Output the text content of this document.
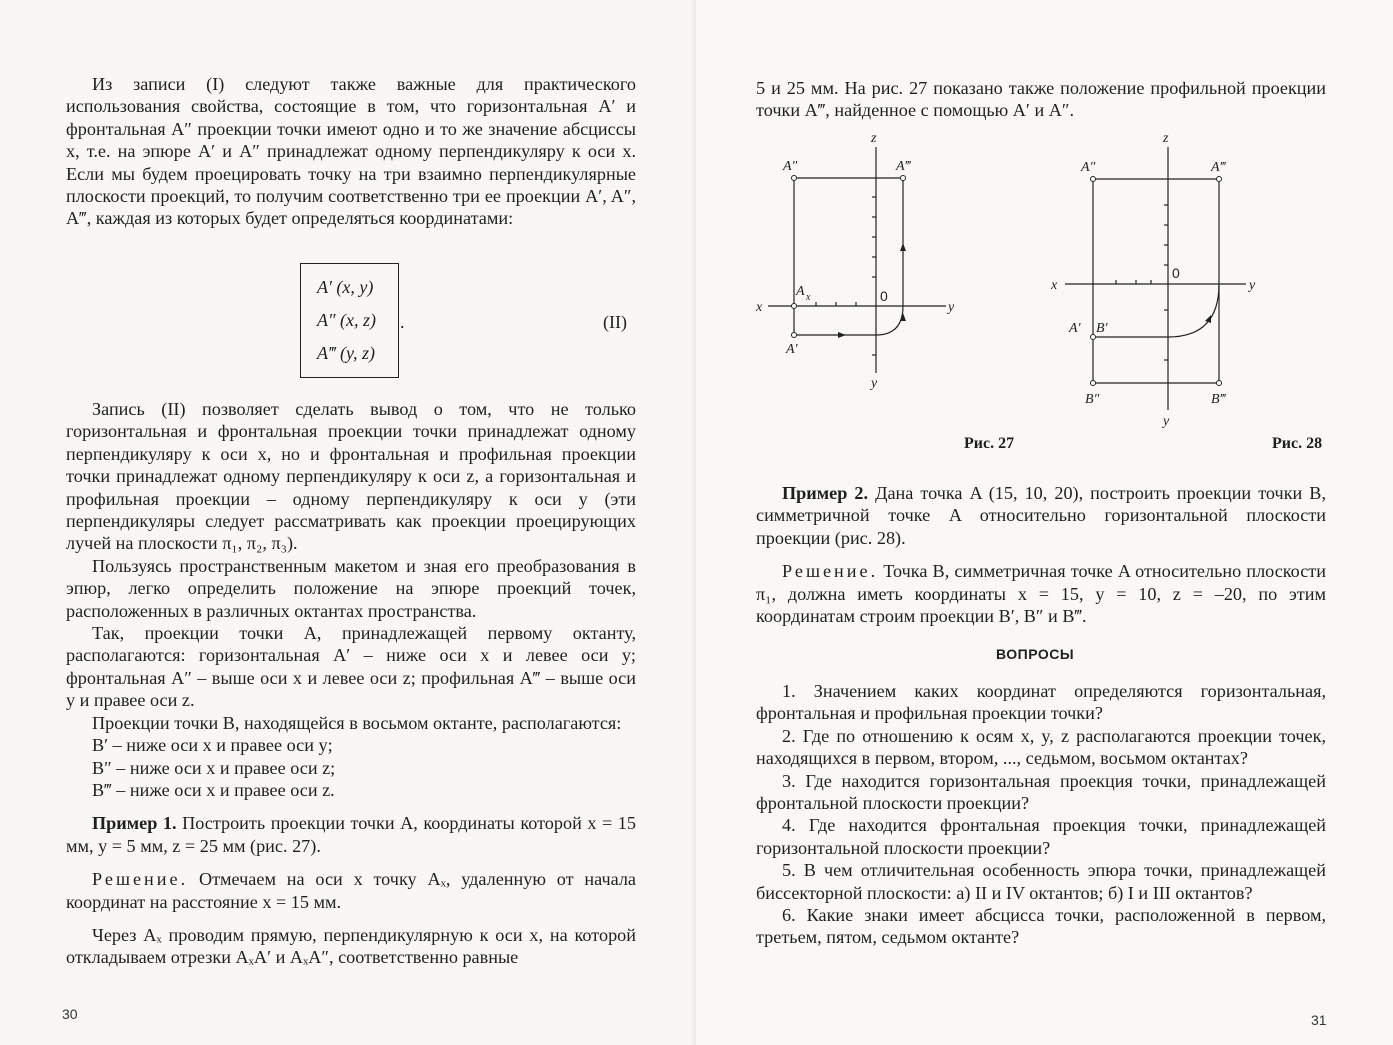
Из записи (I) следуют также важные для практического использования свойства, состоящие в том, что горизонтальная A′ и фронтальная A″ проекции точки имеют одно и то же значение абсциссы x, т.е. на эпюре A′ и A″ принадлежат одному перпендикуляру к оси x. Если мы будем проецировать точку на три взаимно перпендикулярные плоскости проекций, то получим соответственно три ее проекции A′, A″, A‴, каждая из которых будет определяться координатами:

A′ (x, y)
A″ (x, z)
A‴ (y, z)
.	(II)

Запись (II) позволяет сделать вывод о том, что не только горизонтальная и фронтальная проекции точки принадлежат одному перпендикуляру к оси x, но и фронтальная и профильная проекции точки принадлежат одному перпендикуляру к оси z, а горизонтальная и профильная проекции – одному перпендикуляру к оси y (эти перпендикуляры следует рассматривать как проекции проецирующих лучей на плоскости π₁, π₂, π₃).

Пользуясь пространственным макетом и зная его преобразования в эпюр, легко определить положение на эпюре проекций точек, расположенных в различных октантах пространства.

Так, проекции точки A, принадлежащей первому октанту, располагаются: горизонтальная A′ – ниже оси x и левее оси y; фронтальная A″ – выше оси x и левее оси z; профильная A‴ – выше оси y и правее оси z.

Проекции точки B, находящейся в восьмом октанте, располагаются:

B′ – ниже оси x и правее оси y;

B″ – ниже оси x и правее оси z;

B‴ – ниже оси x и правее оси z.

Пример 1. Построить проекции точки A, координаты которой x = 15 мм, y = 5 мм, z = 25 мм (рис. 27).

Решение. Отмечаем на оси x точку Aₓ, удаленную от начала координат на расстояние x = 15 мм.

Через Aₓ проводим прямую, перпендикулярную к оси x, на которой откладываем отрезки AₓA′ и AₓA″, соответственно равные

30

5 и 25 мм. На рис. 27 показано также положение профильной проекции точки A‴, найденное с помощью A′ и A″.

z
A″	A‴
A x	0
x	y
A′
y
z
A″	A‴
0
x	y
A′ B′
B″	B‴
y
Рис. 27	Рис. 28

Пример 2. Дана точка A (15, 10, 20), построить проекции точки B, симметричной точке A относительно горизонтальной плоскости проекции (рис. 28).

Решение. Точка B, симметричная точке A относительно плоскости π₁, должна иметь координаты x = 15, y = 10, z = –20, по этим координатам строим проекции B′, B″ и B‴.

ВОПРОСЫ

1. Значением каких координат определяются горизонтальная, фронтальная и профильная проекции точки?

2. Где по отношению к осям x, y, z располагаются проекции точек, находящихся в первом, втором, ..., седьмом, восьмом октантах?

3. Где находится горизонтальная проекция точки, принадлежащей фронтальной плоскости проекции?

4. Где находится фронтальная проекция точки, принадлежащей горизонтальной плоскости проекции?

5. В чем отличительная особенность эпюра точки, принадлежащей биссекторной плоскости: а) II и IV октантов; б) I и III октантов?

6. Какие знаки имеет абсцисса точки, расположенной в первом, третьем, пятом, седьмом октанте?

31
